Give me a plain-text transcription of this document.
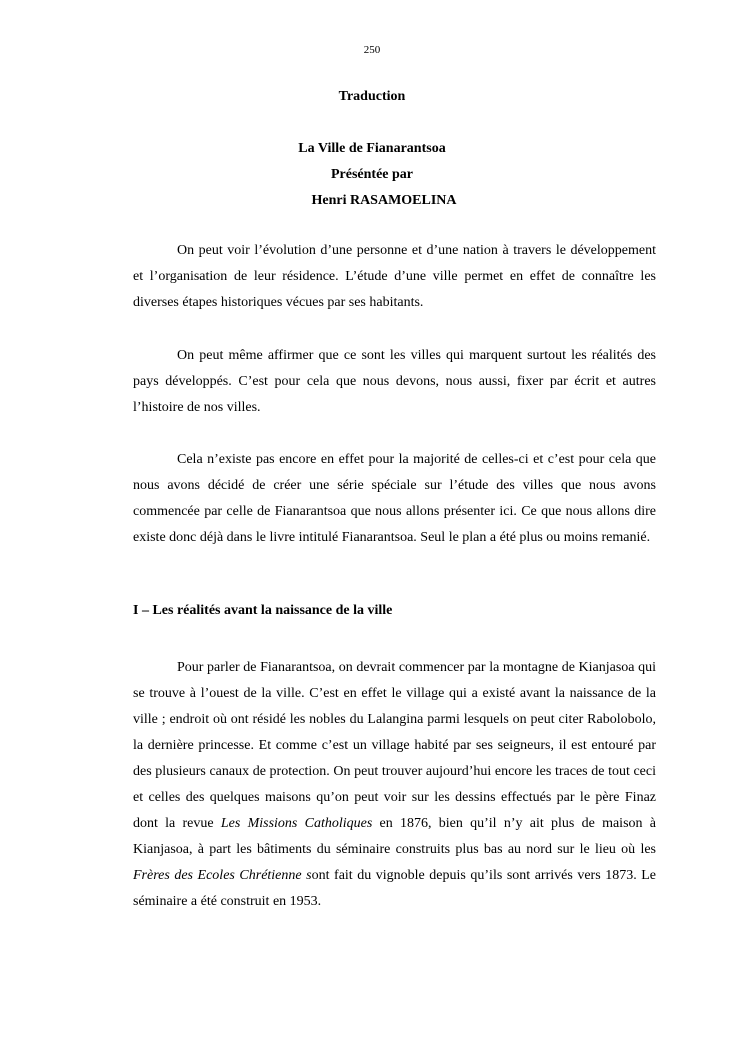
250
Traduction
La Ville de Fianarantsoa
Préséntée par
Henri RASAMOELINA

On peut voir l’évolution d’une personne et d’une nation à travers le développement et l’organisation de leur résidence. L’étude d’une ville permet en effet de connaître les diverses étapes historiques vécues par ses habitants.

On peut même affirmer que ce sont les villes qui marquent surtout les réalités des pays développés. C’est pour cela que nous devons, nous aussi, fixer par écrit et autres l’histoire de nos villes.

Cela n’existe pas encore en effet pour la majorité de celles-ci et c’est pour cela que nous avons décidé de créer une série spéciale sur l’étude des villes que nous avons commencée par celle de Fianarantsoa que nous allons présenter ici. Ce que nous allons dire existe donc déjà dans le livre intitulé Fianarantsoa. Seul le plan a été plus ou moins remanié.

I – Les réalités avant la naissance de la ville

Pour parler de Fianarantsoa, on devrait commencer par la montagne de Kianjasoa qui se trouve à l’ouest de la ville. C’est en effet le village qui a existé avant la naissance de la ville ; endroit où ont résidé les nobles du Lalangina parmi lesquels on peut citer Rabolobolo, la dernière princesse. Et comme c’est un village habité par ses seigneurs, il est entouré par des plusieurs canaux de protection. On peut trouver aujourd’hui encore les traces de tout ceci et celles des quelques maisons qu’on peut voir sur les dessins effectués par le père Finaz dont la revue Les Missions Catholiques en 1876, bien qu’il n’y ait plus de maison à Kianjasoa, à part les bâtiments du séminaire construits plus bas au nord sur le lieu où les Frères des Ecoles Chrétienne sont fait du vignoble depuis qu’ils sont arrivés vers 1873. Le séminaire a été construit en 1953.
